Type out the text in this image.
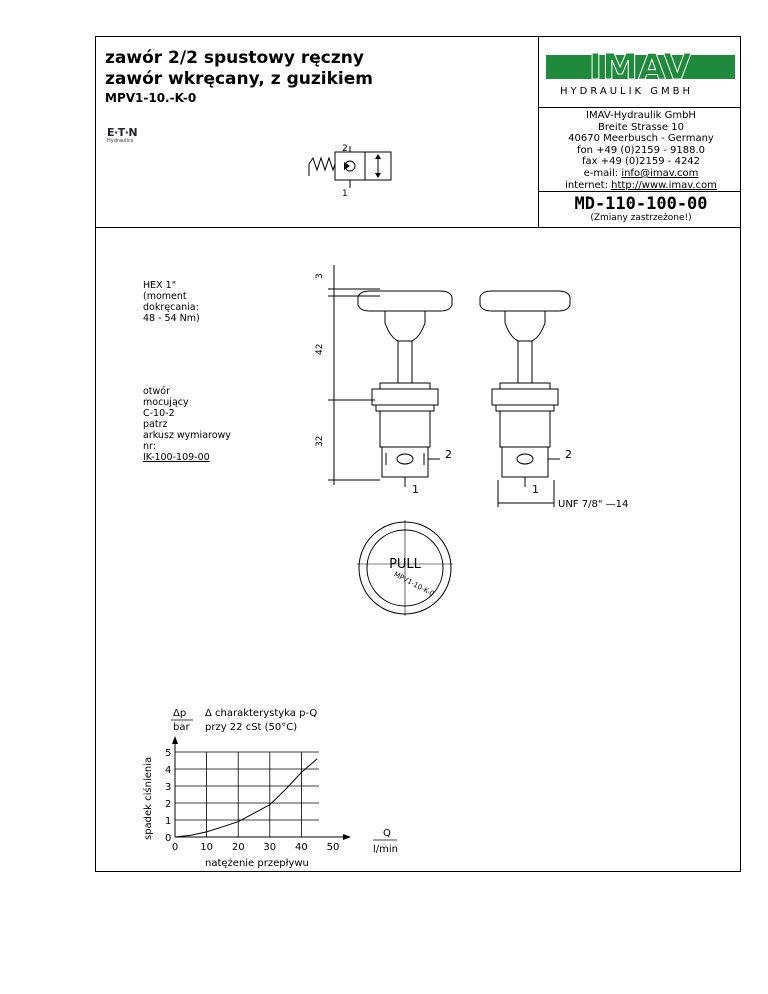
zawór 2/2 spustowy ręczny
zawór wkręcany, z guzikiem
MPV1-10.-K-0
E·T·N
Hydraulics
IMAV
HYDRAULIK GMBH
IMAV-Hydraulik GmbH
Breite Strasse 10
40670 Meerbusch - Germany
fon +49 (0)2159 - 9188.0
fax +49 (0)2159 - 4242
e-mail: info@imav.com
internet: http://www.imav.com
MD-110-100-00
(Zmiany zastrzeżone!)
2
1
HEX 1"
(moment
dokręcania:
48 - 54 Nm)
otwór
mocujący
C-10-2
patrz
arkusz wymiarowy
nr:
IK-100-109-00
3
42
32
2
1
2
1
UNF 7/8" —14
PULL
MPV1-10-K-0
Δp
bar
Δ charakterystyka p-Q
przy 22 cSt (50°C)
spadek ciśnienia
natężenie przepływu
Q
l/min
0 10 20 30 40 50
0
1
2
3
4
5
